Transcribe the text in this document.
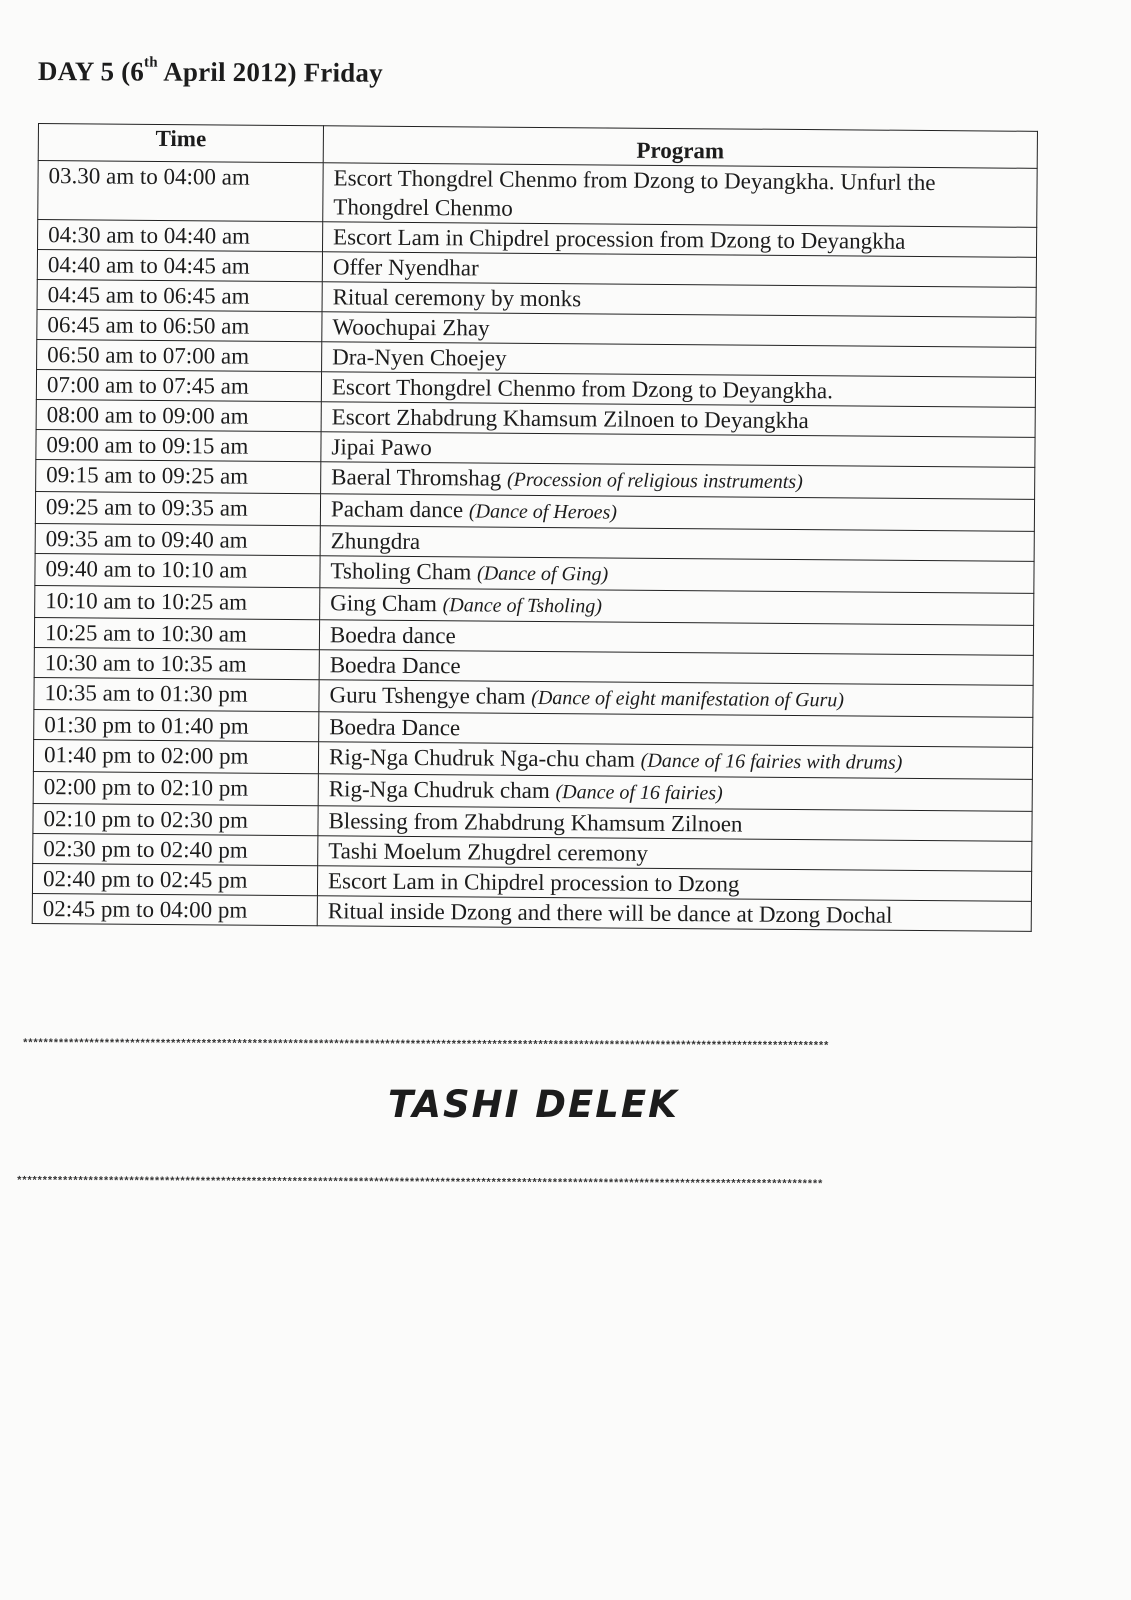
DAY 5 (6th April 2012) Friday
Time	Program
03.30 am to 04:00 am	Escort Thongdrel Chenmo from Dzong to Deyangkha. Unfurl the Thongdrel Chenmo
04:30 am to 04:40 am	Escort Lam in Chipdrel procession from Dzong to Deyangkha
04:40 am to 04:45 am	Offer Nyendhar
04:45 am to 06:45 am	Ritual ceremony by monks
06:45 am to 06:50 am	Woochupai Zhay
06:50 am to 07:00 am	Dra-Nyen Choejey
07:00 am to 07:45 am	Escort Thongdrel Chenmo from Dzong to Deyangkha.
08:00 am to 09:00 am	Escort Zhabdrung Khamsum Zilnoen to Deyangkha
09:00 am to 09:15 am	Jipai Pawo
09:15 am to 09:25 am	Baeral Thromshag (Procession of religious instruments)
09:25 am to 09:35 am	Pacham dance (Dance of Heroes)
09:35 am to 09:40 am	Zhungdra
09:40 am to 10:10 am	Tsholing Cham (Dance of Ging)
10:10 am to 10:25 am	Ging Cham (Dance of Tsholing)
10:25 am to 10:30 am	Boedra dance
10:30 am to 10:35 am	Boedra Dance
10:35 am to 01:30 pm	Guru Tshengye cham (Dance of eight manifestation of Guru)
01:30 pm to 01:40 pm	Boedra Dance
01:40 pm to 02:00 pm	Rig-Nga Chudruk Nga-chu cham (Dance of 16 fairies with drums)
02:00 pm to 02:10 pm	Rig-Nga Chudruk cham (Dance of 16 fairies)
02:10 pm to 02:30 pm	Blessing from Zhabdrung Khamsum Zilnoen
02:30 pm to 02:40 pm	Tashi Moelum Zhugdrel ceremony
02:40 pm to 02:45 pm	Escort Lam in Chipdrel procession to Dzong
02:45 pm to 04:00 pm	Ritual inside Dzong and there will be dance at Dzong Dochal
**************************************************************************************************************************************************************
TASHI DELEK
**************************************************************************************************************************************************************
